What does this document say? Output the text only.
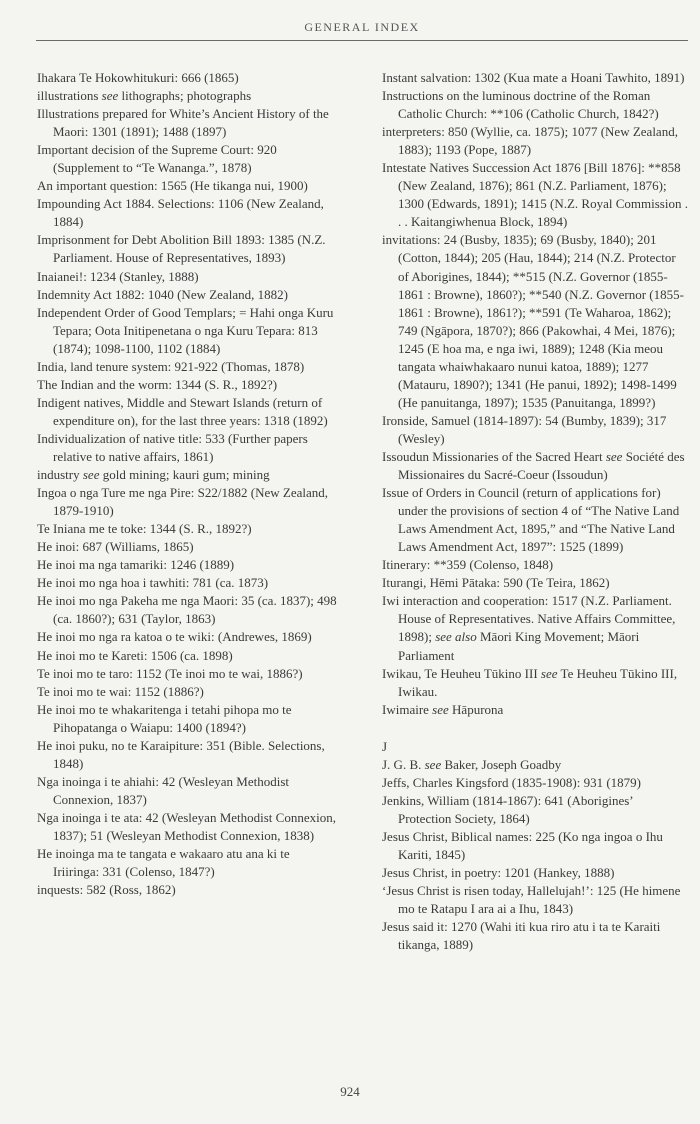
GENERAL INDEX
Ihakara Te Hokowhitukuri: 666 (1865)
illustrations see lithographs; photographs
Illustrations prepared for White’s Ancient History of the Maori: 1301 (1891); 1488 (1897)
Important decision of the Supreme Court: 920 (Supplement to “Te Wananga.”, 1878)
An important question: 1565 (He tikanga nui, 1900)
Impounding Act 1884. Selections: 1106 (New Zealand, 1884)
Imprisonment for Debt Abolition Bill 1893: 1385 (N.Z. Parliament. House of Representatives, 1893)
Inaianei!: 1234 (Stanley, 1888)
Indemnity Act 1882: 1040 (New Zealand, 1882)
Independent Order of Good Templars; = Hahi onga Kuru Tepara; Oota Initipenetana o nga Kuru Tepara: 813 (1874); 1098-1100, 1102 (1884)
India, land tenure system: 921-922 (Thomas, 1878)
The Indian and the worm: 1344 (S. R., 1892?)
Indigent natives, Middle and Stewart Islands (return of expenditure on), for the last three years: 1318 (1892)
Individualization of native title: 533 (Further papers relative to native affairs, 1861)
industry see gold mining; kauri gum; mining
Ingoa o nga Ture me nga Pire: S22/1882 (New Zealand, 1879-1910)
Te Iniana me te toke: 1344 (S. R., 1892?)
He inoi: 687 (Williams, 1865)
He inoi ma nga tamariki: 1246 (1889)
He inoi mo nga hoa i tawhiti: 781 (ca. 1873)
He inoi mo nga Pakeha me nga Maori: 35 (ca. 1837); 498 (ca. 1860?); 631 (Taylor, 1863)
He inoi mo nga ra katoa o te wiki: (Andrewes, 1869)
He inoi mo te Kareti: 1506 (ca. 1898)
Te inoi mo te taro: 1152 (Te inoi mo te wai, 1886?)
Te inoi mo te wai: 1152 (1886?)
He inoi mo te whakaritenga i tetahi pihopa mo te Pihopatanga o Waiapu: 1400 (1894?)
He inoi puku, no te Karaipiture: 351 (Bible. Selections, 1848)
Nga inoinga i te ahiahi: 42 (Wesleyan Methodist Connexion, 1837)
Nga inoinga i te ata: 42 (Wesleyan Methodist Connexion, 1837); 51 (Wesleyan Methodist Connexion, 1838)
He inoinga ma te tangata e wakaaro atu ana ki te Iriiringa: 331 (Colenso, 1847?)
inquests: 582 (Ross, 1862)
Instant salvation: 1302 (Kua mate a Hoani Tawhito, 1891)
Instructions on the luminous doctrine of the Roman Catholic Church: **106 (Catholic Church, 1842?)
interpreters: 850 (Wyllie, ca. 1875); 1077 (New Zealand, 1883); 1193 (Pope, 1887)
Intestate Natives Succession Act 1876 [Bill 1876]: **858 (New Zealand, 1876); 861 (N.Z. Parliament, 1876); 1300 (Edwards, 1891); 1415 (N.Z. Royal Commission . . . Kaitangiwhenua Block, 1894)
invitations: 24 (Busby, 1835); 69 (Busby, 1840); 201 (Cotton, 1844); 205 (Hau, 1844); 214 (N.Z. Protector of Aborigines, 1844); **515 (N.Z. Governor (1855-1861 : Browne), 1860?); **540 (N.Z. Governor (1855-1861 : Browne), 1861?); **591 (Te Waharoa, 1862); 749 (Ngāpora, 1870?); 866 (Pakowhai, 4 Mei, 1876); 1245 (E hoa ma, e nga iwi, 1889); 1248 (Kia meou tangata whaiwhakaaro nunui katoa, 1889); 1277 (Matauru, 1890?); 1341 (He panui, 1892); 1498-1499 (He panuitanga, 1897); 1535 (Panuitanga, 1899?)
Ironside, Samuel (1814-1897): 54 (Bumby, 1839); 317 (Wesley)
Issoudun Missionaries of the Sacred Heart see Société des Missionaires du Sacré-Coeur (Issoudun)
Issue of Orders in Council (return of applications for) under the provisions of section 4 of “The Native Land Laws Amendment Act, 1895,” and “The Native Land Laws Amendment Act, 1897”: 1525 (1899)
Itinerary: **359 (Colenso, 1848)
Iturangi, Hēmi Pātaka: 590 (Te Teira, 1862)
Iwi interaction and cooperation: 1517 (N.Z. Parliament. House of Representatives. Native Affairs Committee, 1898); see also Māori King Movement; Māori Parliament
Iwikau, Te Heuheu Tūkino III see Te Heuheu Tūkino III, Iwikau.
Iwimaire see Hāpurona
J
J. G. B. see Baker, Joseph Goadby
Jeffs, Charles Kingsford (1835-1908): 931 (1879)
Jenkins, William (1814-1867): 641 (Aborigines’ Protection Society, 1864)
Jesus Christ, Biblical names: 225 (Ko nga ingoa o Ihu Kariti, 1845)
Jesus Christ, in poetry: 1201 (Hankey, 1888)
‘Jesus Christ is risen today, Hallelujah!’: 125 (He himene mo te Ratapu I ara ai a Ihu, 1843)
Jesus said it: 1270 (Wahi iti kua riro atu i ta te Karaiti tikanga, 1889)
924
